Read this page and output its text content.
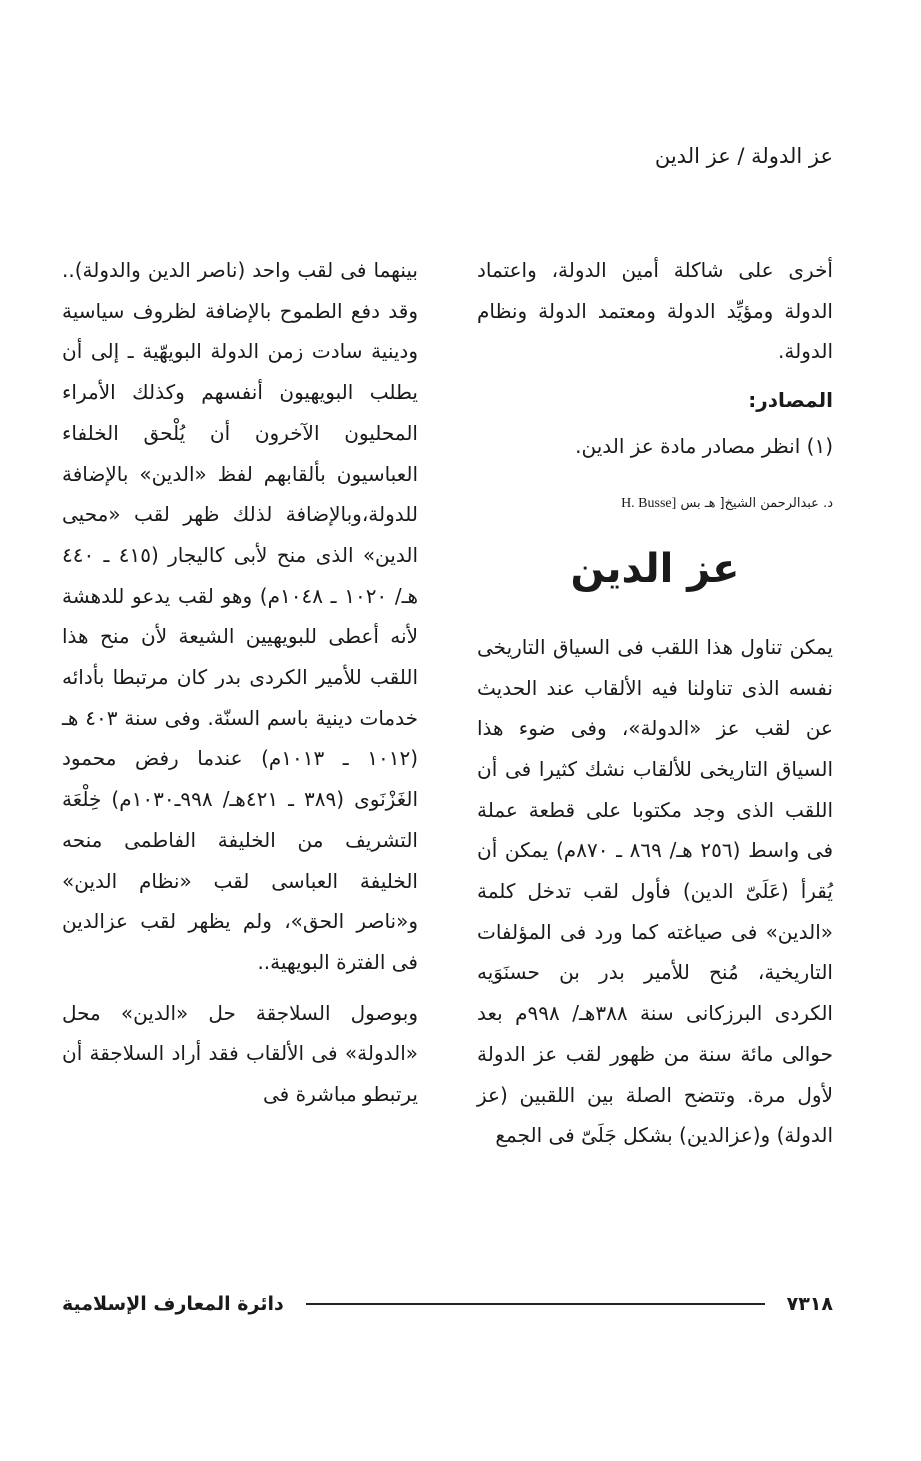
عز الدولة / عز الدين

أخرى على شاكلة أمين الدولة، واعتماد الدولة ومؤيِّد الدولة ومعتمد الدولة ونظام الدولة.

المصادر:

(١) انظر مصادر مادة عز الدين.

د. عبدالرحمن الشيخ[ هـ بس H. Busse]
عز الدين

يمكن تناول هذا اللقب فى السياق التاريخى نفسه الذى تناولنا فيه الألقاب عند الحديث عن لقب عز «الدولة»، وفى ضوء هذا السياق التاريخى للألقاب نشك كثيرا فى أن اللقب الذى وجد مكتوبا على قطعة عملة فى واسط (٢٥٦ هـ/ ٨٦٩ ـ ٨٧٠م) يمكن أن يُقرأ (عَلَىّ الدين) فأول لقب تدخل كلمة «الدين» فى صياغته كما ورد فى المؤلفات التاريخية، مُنح للأمير بدر بن حسنَوَيه الكردى البرزكانى سنة ٣٨٨هـ/ ٩٩٨م بعد حوالى مائة سنة من ظهور لقب عز الدولة لأول مرة. وتتضح الصلة بين اللقبين (عز الدولة) و(عزالدين) بشكل جَلَىّ فى الجمع

بينهما فى لقب واحد (ناصر الدين والدولة).. وقد دفع الطموح بالإضافة لظروف سياسية ودينية سادت زمن الدولة البويهّية ـ إلى أن يطلب البويهيون أنفسهم وكذلك الأمراء المحليون الآخرون أن يُلْحق الخلفاء العباسيون بألقابهم لفظ «الدين» بالإضافة للدولة،وبالإضافة لذلك ظهر لقب «محيى الدين» الذى منح لأبى كاليجار (٤١٥ ـ ٤٤٠ هـ/ ١٠٢٠ ـ ١٠٤٨م) وهو لقب يدعو للدهشة لأنه أعطى للبويهيين الشيعة لأن منح هذا اللقب للأمير الكردى بدر كان مرتبطا بأدائه خدمات دينية باسم السنّة. وفى سنة ٤٠٣ هـ (١٠١٢ ـ ١٠١٣م) عندما رفض محمود الغَزْنَوى (٣٨٩ ـ ٤٢١هـ/ ٩٩٨ـ١٠٣٠م) خِلْعَة التشريف من الخليفة الفاطمى منحه الخليفة العباسى لقب «نظام الدين» و«ناصر الحق»، ولم يظهر لقب عزالدين فى الفترة البويهية..

وبوصول السلاجقة حل «الدين» محل «الدولة» فى الألقاب فقد أراد السلاجقة أن يرتبطو مباشرة فى

٧٣١٨
دائرة المعارف الإسلامية
